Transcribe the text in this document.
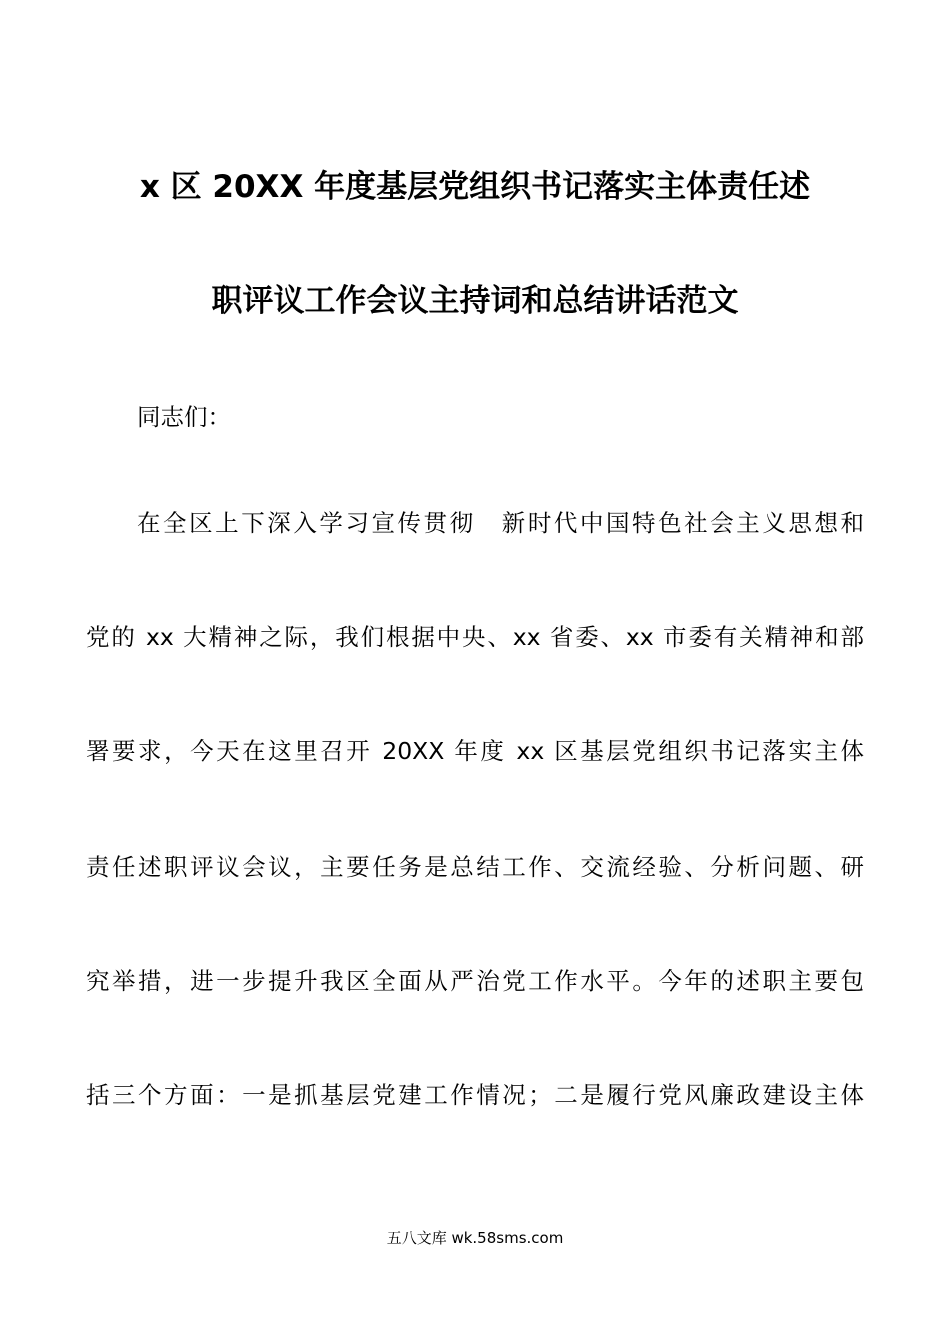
x 区 20XX 年度基层党组织书记落实主体责任述
职评议工作会议主持词和总结讲话范文
同志们：
在全区上下深入学习宣传贯彻　新时代中国特色社会主义思想和
党的 xx 大精神之际，我们根据中央、xx 省委、xx 市委有关精神和部
署要求，今天在这里召开 20XX 年度 xx 区基层党组织书记落实主体
责任述职评议会议，主要任务是总结工作、交流经验、分析问题、研
究举措，进一步提升我区全面从严治党工作水平。今年的述职主要包
括三个方面：一是抓基层党建工作情况；二是履行党风廉政建设主体
五八文库 wk.58sms.com
